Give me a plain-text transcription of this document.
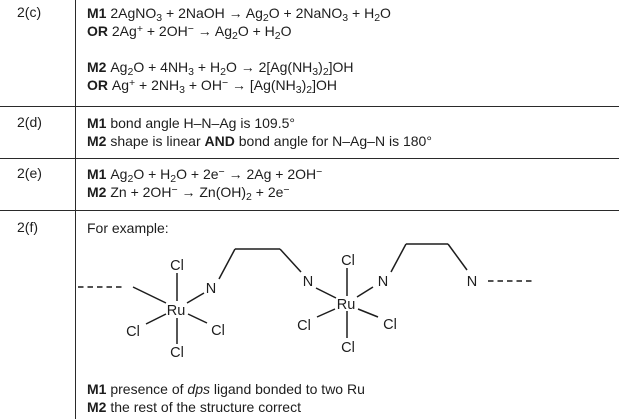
Cl
N
Ru
Cl	Cl
Cl
N
Cl
N
Ru
Cl	Cl
Cl
N
2(c)	M1 2AgNO$_3$ + 2NaOH → $Ag_2O$ + 2NaNO$_3$ + $H_2O$
OR $2Ag^+ + 2OH^- \to Ag_2O + H_2O$

M2 $Ag_2O + 4NH_3 + H_2O \to 2[Ag(NH_3)_2]OH$
OR $Ag^+ + 2NH_3 + OH^- \to [Ag(NH_3)_2]OH$
2(d)	M1 bond angle H–N–Ag is 109.5°
M2 shape is linear AND bond angle for N–Ag–N is 180°
2(e)	M1 $Ag_2O + H_2O + 2e^- \to 2Ag + 2OH^-$
M2 $Zn + 2OH^- \to Zn(OH)_2 + 2e^-$
2(f)	For example:
M1 presence of dps ligand bonded to two Ru
M2 the rest of the structure correct
